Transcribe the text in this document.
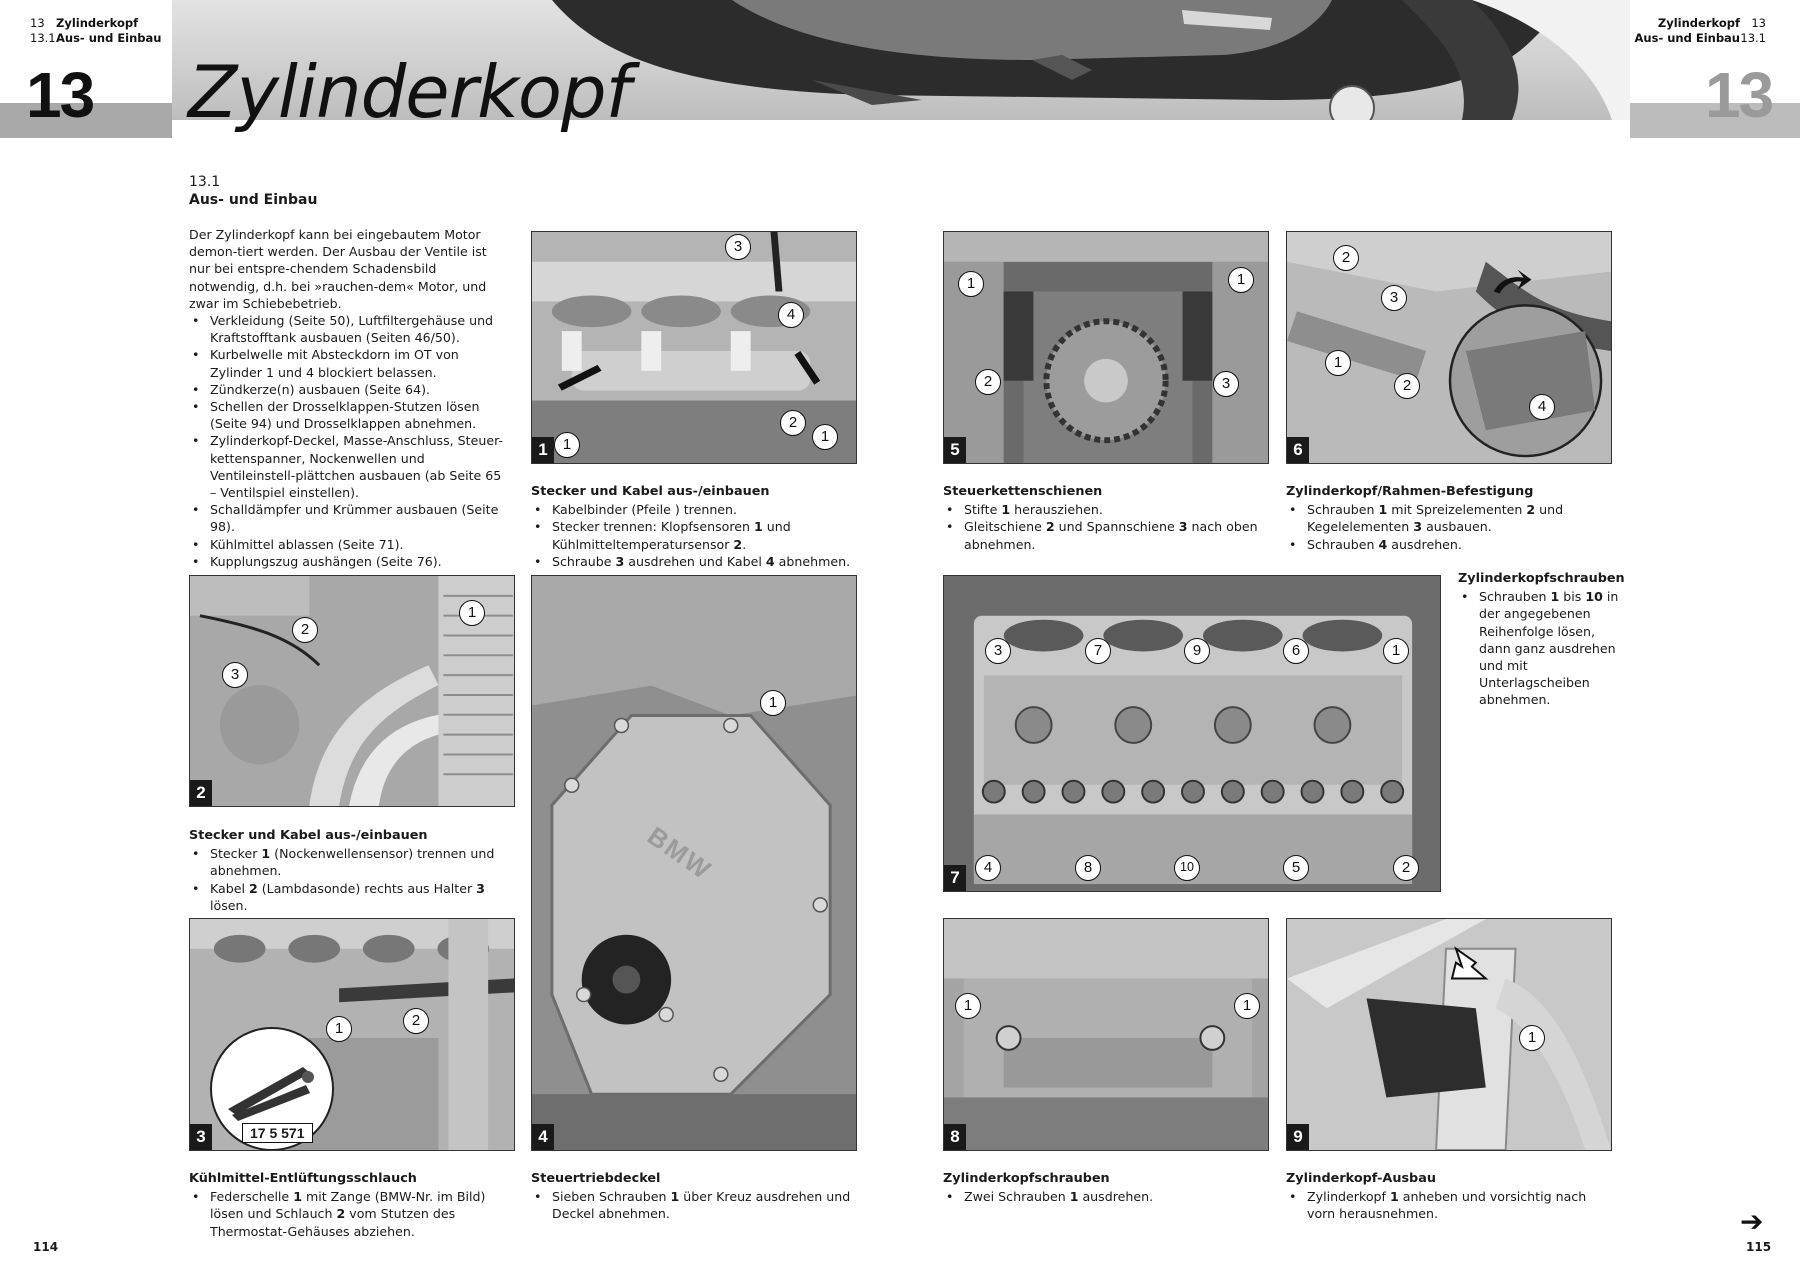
13	13
Zylinderkopf
13 Zylinderkopf
13.1Aus- und Einbau
Zylinderkopf 13
Aus- und Einbau13.1
13.1
Aus- und Einbau

Der Zylinderkopf kann bei eingebautem Motor demon-tiert werden. Der Ausbau der Ventile ist nur bei entspre-chendem Schadensbild notwendig, d.h. bei »rauchen-dem« Motor, und zwar im Schiebebetrieb.

• Verkleidung (Seite 50), Luftfiltergehäuse und Kraftstofftank ausbauen (Seiten 46/50).
• Kurbelwelle mit Absteckdorn im OT von Zylinder 1 und 4 blockiert belassen.
• Zündkerze(n) ausbauen (Seite 64).
• Schellen der Drosselklappen-Stutzen lösen (Seite 94) und Drosselklappen abnehmen.
• Zylinderkopf-Deckel, Masse-Anschluss, Steuer-kettenspanner, Nockenwellen und Ventileinstell-plättchen ausbauen (ab Seite 65 – Ventilspiel einstellen).
• Schalldämpfer und Krümmer ausbauen (Seite 98).
• Kühlmittel ablassen (Seite 71).
• Kupplungszug aushängen (Seite 76).
3
4
1
2
1
1
Stecker und Kabel aus-/einbauen
• Kabelbinder (Pfeile ) trennen.
• Stecker trennen: Klopfsensoren 1 und Kühlmitteltemperatursensor 2.
• Schraube 3 ausdrehen und Kabel 4 abnehmen.
1
2
3
2
Stecker und Kabel aus-/einbauen
• Stecker 1 (Nockenwellensensor) trennen und abnehmen.
• Kabel 2 (Lambdasonde) rechts aus Halter 3 lösen.
1	2
17 5 571
3
Kühlmittel-Entlüftungsschlauch
• Federschelle 1 mit Zange (BMW-Nr. im Bild) lösen und Schlauch 2 vom Stutzen des Thermostat-Gehäuses abziehen.
BMW
1
4
Steuertriebdeckel
• Sieben Schrauben 1 über Kreuz ausdrehen und Deckel abnehmen.
1	1
2	3
5
Steuerkettenschienen
• Stifte 1 herausziehen.
• Gleitschiene 2 und Spannschiene 3 nach oben abnehmen.
2
3
1
2
4
6
Zylinderkopf/Rahmen-Befestigung
• Schrauben 1 mit Spreizelementen 2 und Kegelelementen 3 ausbauen.
• Schrauben 4 ausdrehen.
3	7	9	6	1
4	8	10	5	2
7
Zylinderkopfschrauben
• Schrauben 1 bis 10 in der angegebenen Reihenfolge lösen, dann ganz ausdrehen und mit Unterlagscheiben abnehmen.
1	1
8
Zylinderkopfschrauben
• Zwei Schrauben 1 ausdrehen.
1
9
Zylinderkopf-Ausbau
• Zylinderkopf 1 anheben und vorsichtig nach vorn herausnehmen.
114	115
➔
